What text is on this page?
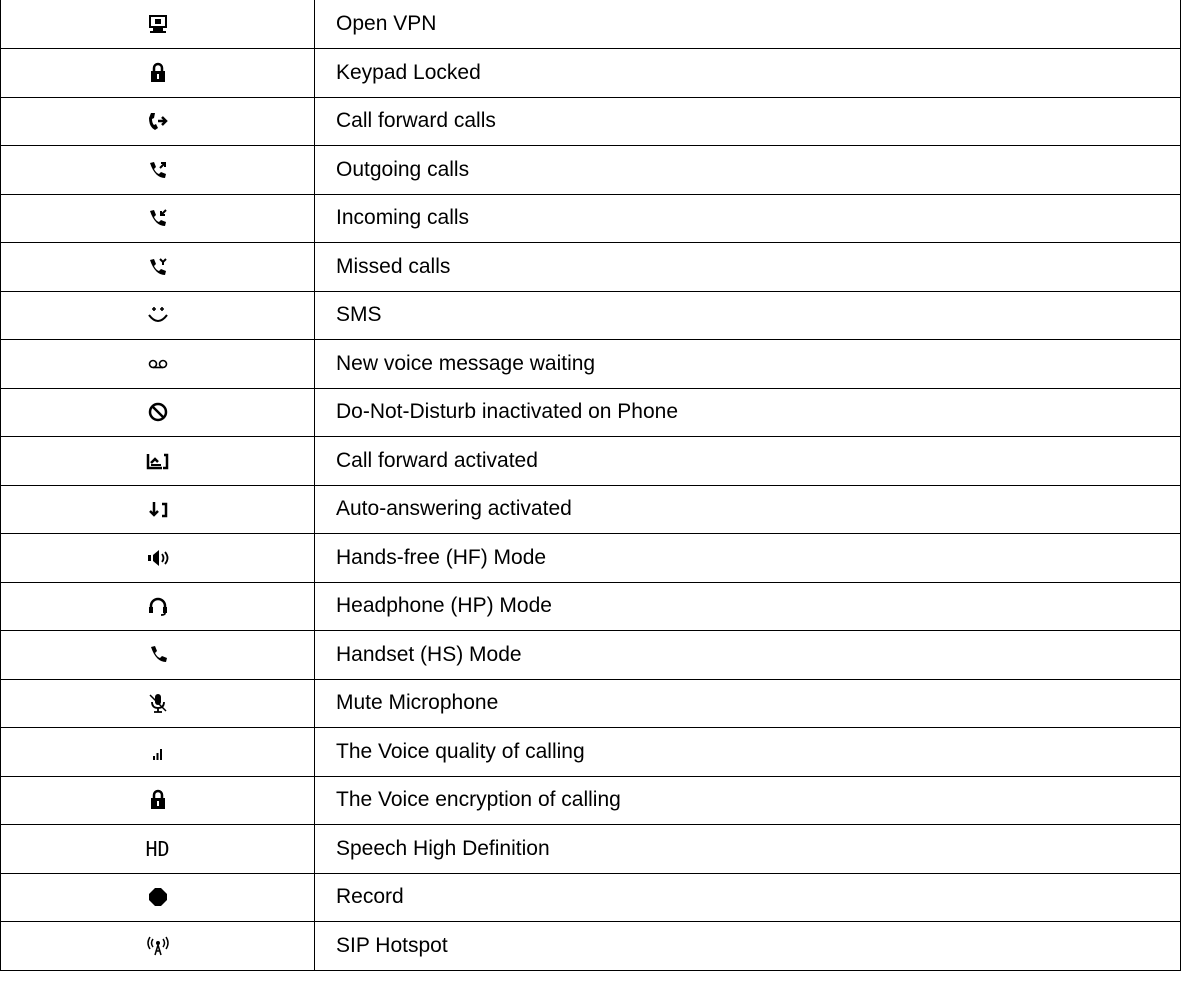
	Open VPN

	Keypad Locked

	Call forward calls

	Outgoing calls

	Incoming calls

	Missed calls

	SMS

	New voice message waiting

	Do-Not-Disturb inactivated on Phone

	Call forward activated

	Auto-answering activated

	Hands-free (HF) Mode

	Headphone (HP) Mode

	Handset (HS) Mode

	Mute Microphone

	The Voice quality of calling

	The Voice encryption of calling
HD	Speech High Definition

	Record

	SIP Hotspot
